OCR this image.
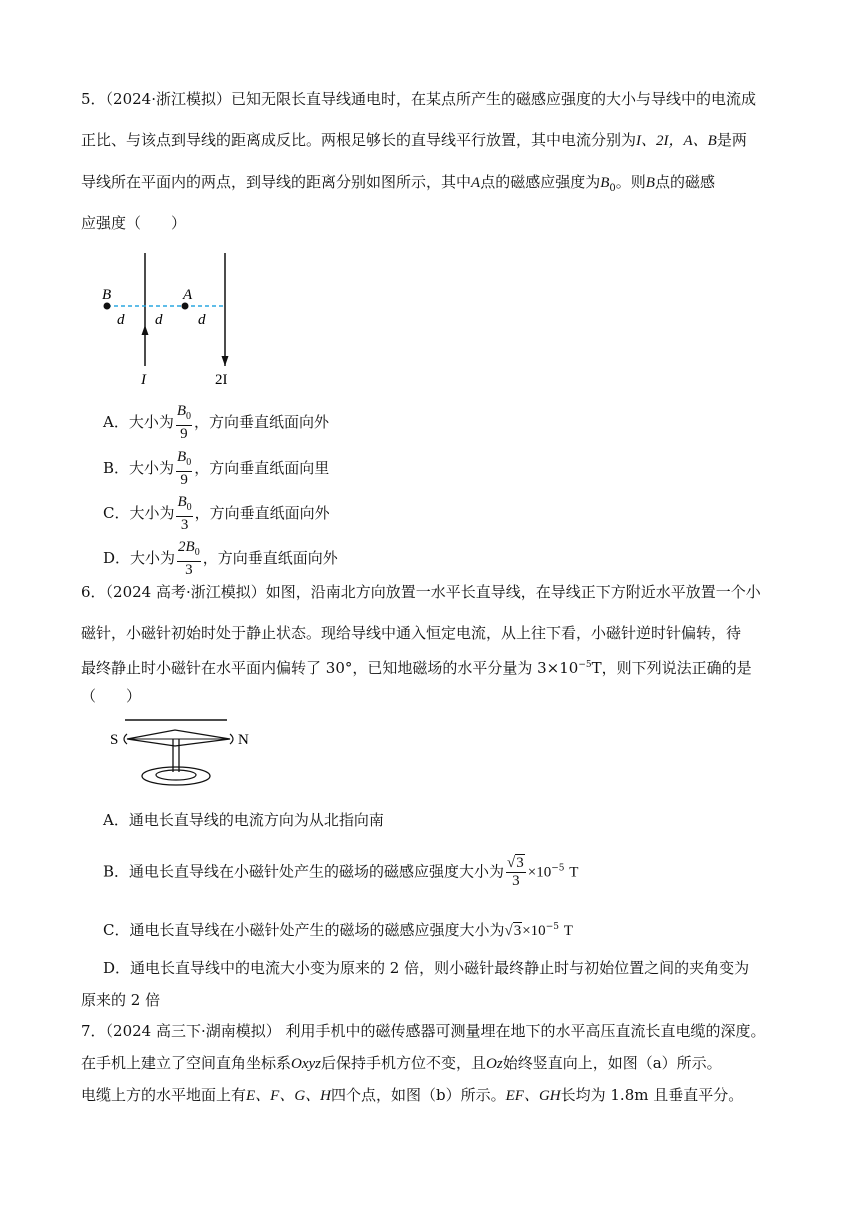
5．（2024·浙江模拟）已知无限长直导线通电时，在某点所产生的磁感应强度的大小与导线中的电流成
正比、与该点到导线的距离成反比。两根足够长的直导线平行放置，其中电流分别为I、2I，A、B是两
导线所在平面内的两点，到导线的距离分别如图所示，其中A点的磁感应强度为$B_0$。则B点的磁感
应强度（　　）
B	A
d d d
I	2I
A．大小为 $\frac{B_0}{9}$ ，方向垂直纸面向外
B．大小为 $\frac{B_0}{9}$ ，方向垂直纸面向里
C．大小为 $\frac{B_0}{3}$ ，方向垂直纸面向外
D．大小为 $\frac{2B_0}{3}$ ，方向垂直纸面向外
6．（2024 高考·浙江模拟）如图，沿南北方向放置一水平长直导线，在导线正下方附近水平放置一个小
磁针，小磁针初始时处于静止状态。现给导线中通入恒定电流，从上往下看，小磁针逆时针偏转，待
最终静止时小磁针在水平面内偏转了 30°，已知地磁场的水平分量为 $3\times 10^{-5}T$，则下列说法正确的是
（　　）
S	N
A．通电长直导线的电流方向为从北指向南
B．通电长直导线在小磁针处产生的磁场的磁感应强度大小为 $\frac{√3}{3} \times 10^{-5}$ T
C．通电长直导线在小磁针处产生的磁场的磁感应强度大小为$√3\times 10^{-5}$ T
D．通电长直导线中的电流大小变为原来的 2 倍，则小磁针最终静止时与初始位置之间的夹角变为
原来的 2 倍
7．（2024 高三下·湖南模拟） 利用手机中的磁传感器可测量埋在地下的水平高压直流长直电缆的深度。
在手机上建立了空间直角坐标系Oxyz后保持手机方位不变，且Oz始终竖直向上，如图（a）所示。
电缆上方的水平地面上有E、F、G、H四个点，如图（b）所示。EF、GH长均为 1.8m 且垂直平分。
